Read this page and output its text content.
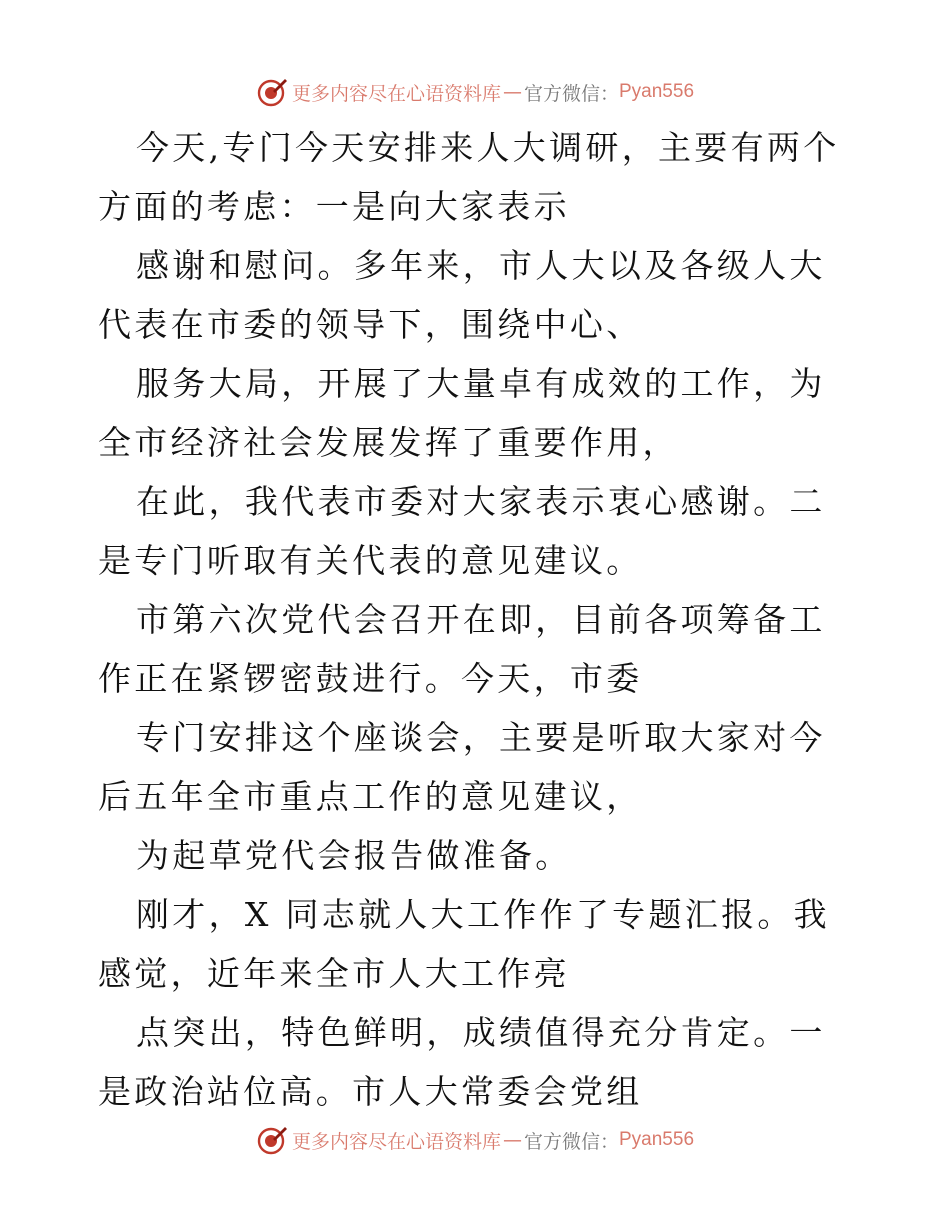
更多内容尽在心语资料库 — 官方微信： Pyan556

今天,专门今天安排来人大调研，主要有两个方面的考虑：一是向大家表示

感谢和慰问。多年来，市人大以及各级人大代表在市委的领导下，围绕中心、

服务大局，开展了大量卓有成效的工作，为全市经济社会发展发挥了重要作用，

在此，我代表市委对大家表示衷心感谢。二是专门听取有关代表的意见建议。

市第六次党代会召开在即，目前各项筹备工作正在紧锣密鼓进行。今天，市委

专门安排这个座谈会，主要是听取大家对今后五年全市重点工作的意见建议，

为起草党代会报告做准备。

刚才，X 同志就人大工作作了专题汇报。我感觉，近年来全市人大工作亮

点突出，特色鲜明，成绩值得充分肯定。一是政治站位高。市人大常委会党组

更多内容尽在心语资料库 — 官方微信： Pyan556
